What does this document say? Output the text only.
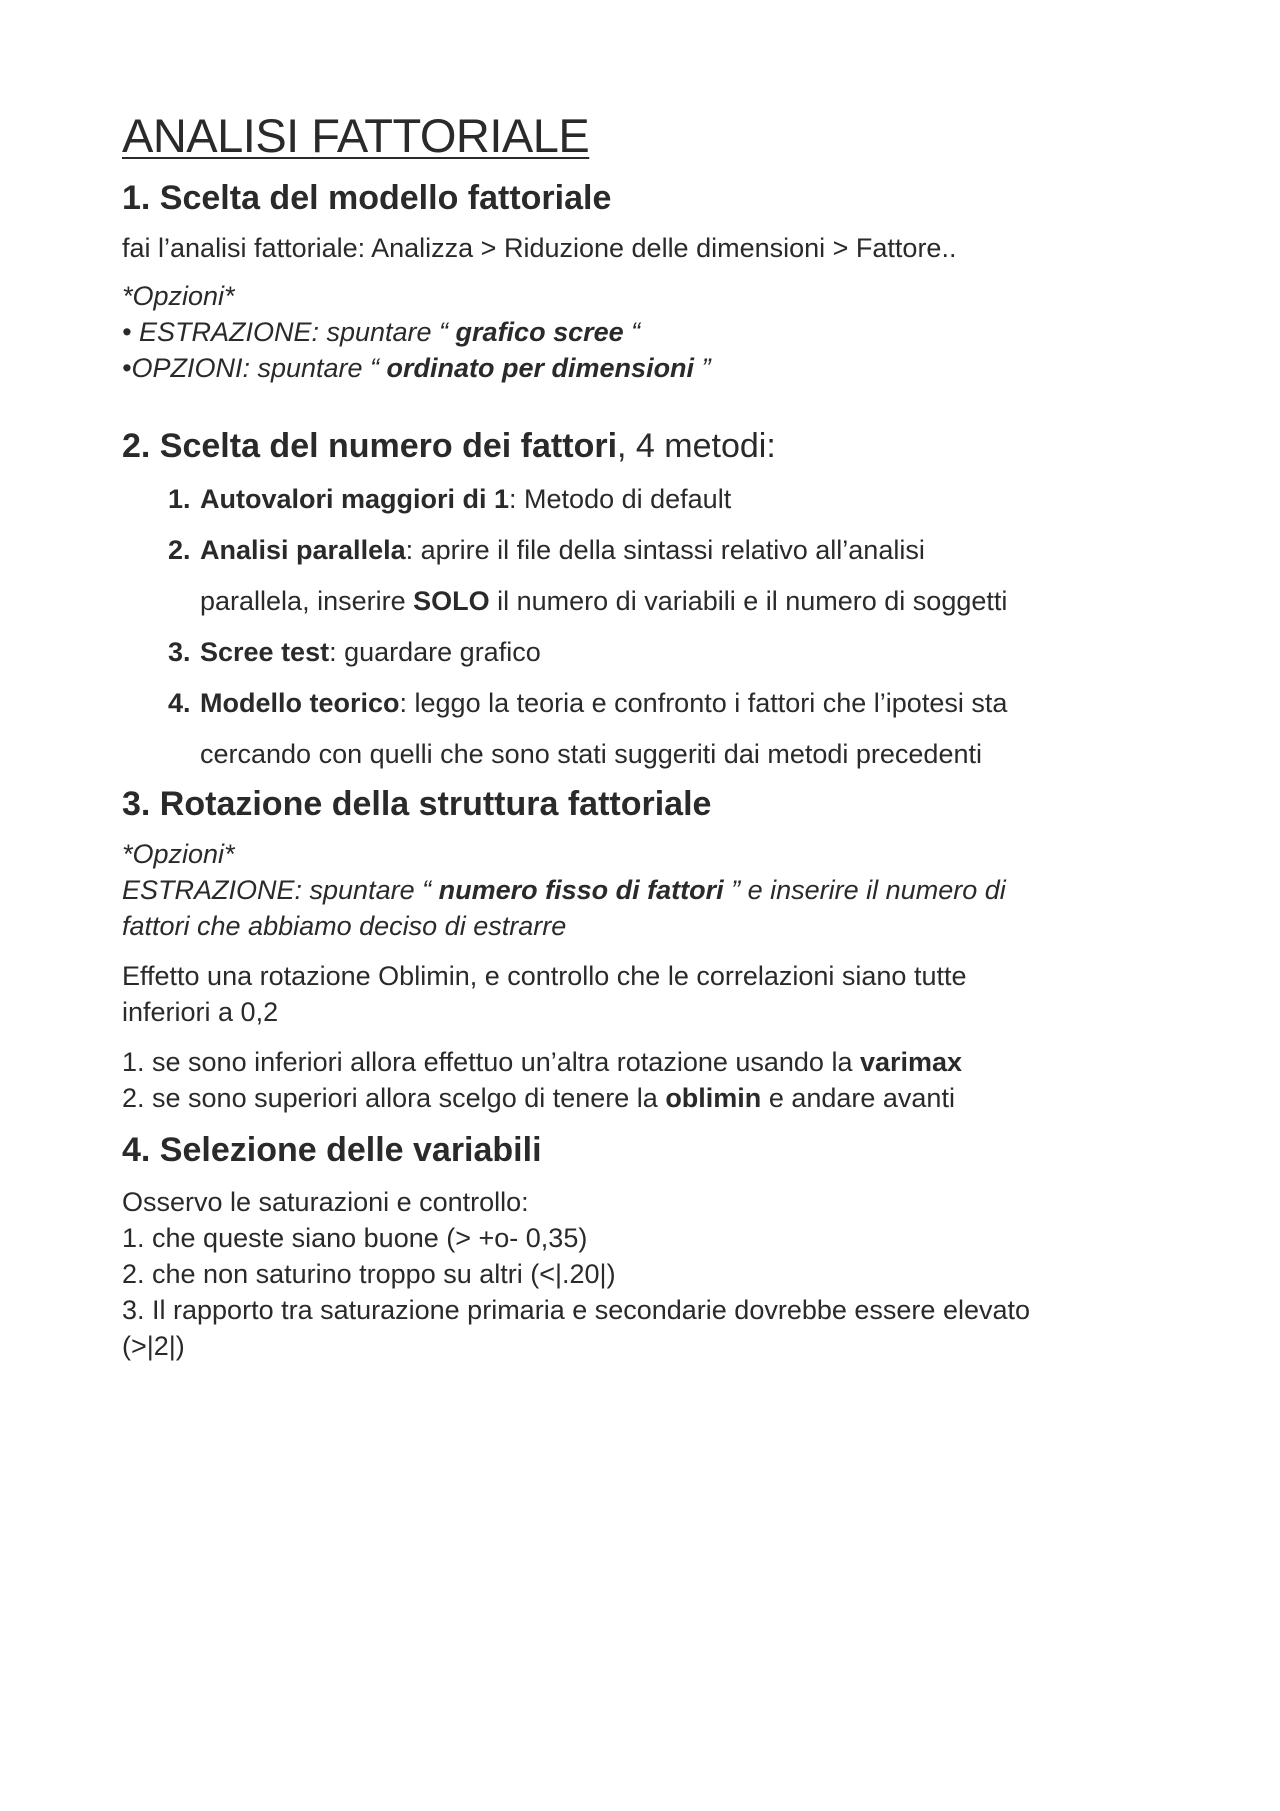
ANALISI FATTORIALE
1. Scelta del modello fattoriale

fai l’analisi fattoriale: Analizza > Riduzione delle dimensioni > Fattore..

*Opzioni*

• ESTRAZIONE: spuntare “ grafico scree “

•OPZIONI: spuntare “ ordinato per dimensioni ”

2. Scelta del numero dei fattori, 4 metodi:
1. Autovalori maggiori di 1: Metodo di default
2. Analisi parallela: aprire il file della sintassi relativo all’analisi
parallela, inserire SOLO il numero di variabili e il numero di soggetti
3. Scree test: guardare grafico
4. Modello teorico: leggo la teoria e confronto i fattori che l’ipotesi sta
cercando con quelli che sono stati suggeriti dai metodi precedenti
3. Rotazione della struttura fattoriale

*Opzioni*

ESTRAZIONE: spuntare “ numero fisso di fattori ” e inserire il numero di
fattori che abbiamo deciso di estrarre

Effetto una rotazione Oblimin, e controllo che le correlazioni siano tutte
inferiori a 0,2

1. se sono inferiori allora effettuo un’altra rotazione usando la varimax
2. se sono superiori allora scelgo di tenere la oblimin e andare avanti
4. Selezione delle variabili

Osservo le saturazioni e controllo:

1. che queste siano buone (> +o- 0,35)

2. che non saturino troppo su altri (<|.20|)

3. Il rapporto tra saturazione primaria e secondarie dovrebbe essere elevato

(>|2|)
